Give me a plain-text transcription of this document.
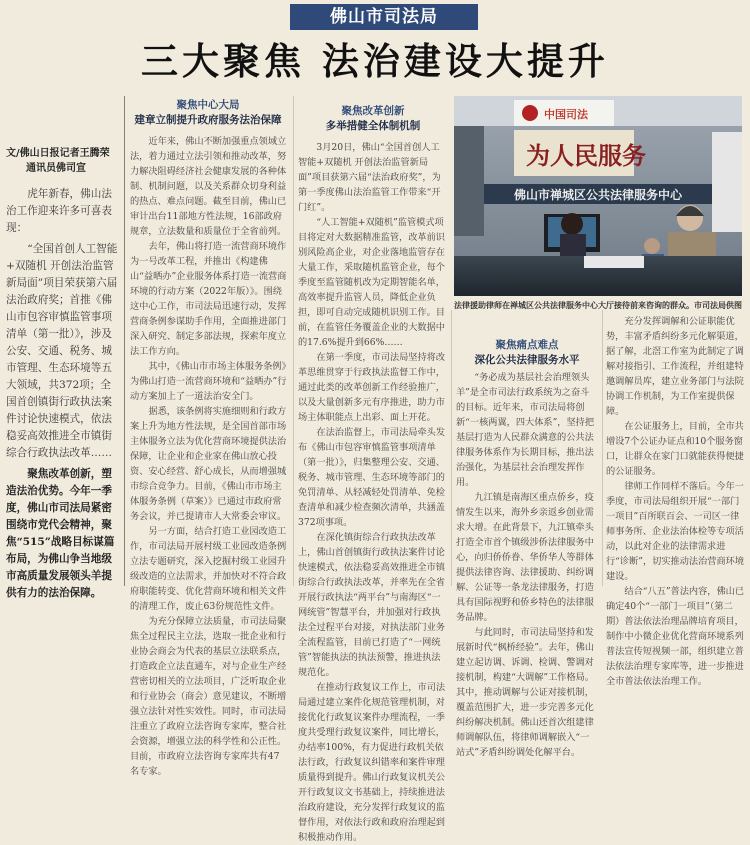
佛山市司法局
三大聚焦 法治建设大提升
文/佛山日报记者王腾荣
通讯员佛司宣

虎年新春，佛山法治工作迎来许多可喜表现：

“全国首创人工智能+双随机 开创法治监管新局面”项目荣获第六届法治政府奖；首推《佛山市包容审慎监管事项清单（第一批）》，涉及公安、交通、税务、城市管理、生态环境等五大领域，共372项；全国首创镇街行政执法案件讨论快速模式，依法稳妥高效推进全市镇街综合行政执法改革……

聚焦改革创新，塑造法治优势。今年一季度，佛山市司法局紧密围绕市党代会精神，聚焦“515”战略目标谋篇布局，为佛山争当地级市高质量发展领头羊提供有力的法治保障。

聚焦中心大局
建章立制提升政府服务法治保障

近年来，佛山不断加强重点领域立法，着力通过立法引领和推动改革，努力解决阻碍经济社会健康发展的各种体制、机制问题，以及关系群众切身利益的热点、难点问题。截至目前，佛山已审计出台11部地方性法规，16部政府规章，立法数量和质量位于全省前列。

去年，佛山将打造一流营商环境作为一号改革工程，并推出《构建佛山“益晒办”企业服务体系打造一流营商环境的行动方案（2022年版）》。围绕这中心工作，市司法局迅速行动，发挥营商条例参谋助手作用，全面推进部门深入研究、制定多部法规，探索年度立法工作方向。

其中，《佛山市市场主体服务条例》为佛山打造一流营商环境和“益晒办”行动方案加上了一道法治安全门。

据悉，该条例将实施细则和行政方案上升为地方性法规，是全国首部市场主体服务立法为优化营商环境提供法治保障，让企业和企业家在佛山放心投资、安心经营、舒心成长，从而增强城市综合竞争力。目前，《佛山市市场主体服务条例（草案）》已通过市政府常务会议，并已提请市人大常委会审议。

另一方面，结合打造工业园改造工作，市司法局开展村级工业园改造条例立法专题研究，深入挖掘村级工业园升级改造的立法需求，并加快对不符合政府职能转变、优化营商环境和相关文件的清理工作，废止63份规范性文件。

为充分保障立法质量，市司法局聚焦全过程民主立法，选取一批企业和行业协会商会为代表的基层立法联系点，打造政企立法直通车，对与企业生产经营密切相关的立法项目，广泛听取企业和行业协会（商会）意见建议，不断增强立法针对性实效性。同时，市司法局注重立了政府立法咨询专家库，整合社会资源，增强立法的科学性和公正性。目前，市政府立法咨询专家库共有47名专家。

聚焦改革创新
多举措健全体制机制

3月20日，佛山“全国首创人工智能+双随机 开创法治监管新局面”项目获第六届“法治政府奖”，为第一季度佛山法治监管工作带来“开门红”。

“人工智能+双随机”监管模式项目将定对大数据精准监管，改革前识别风险高企业，对企业落地监管存在大量工作，采取随机监管企业，每个季度至监管随机改为定期智能名单，高效率提升监管人员，降低企业负担，即可自动完成随机识别工作。目前，在监管任务覆盖企业的大数据中的17.6%提升到66%……

在第一季度，市司法局坚持将改革思维贯穿于行政执法监督工作中，通过此类的改革创新工作经验推广，以及大量创新多元有序推进，助力市场主体职能点上出彩、面上开花。

在法治监督上，市司法局牵头发布《佛山市包容审慎监管事项清单（第一批）》，归集整理公安、交通、税务、城市管理、生态环境等部门的免罚清单、从轻减轻处罚清单、免检查清单和减少检查频次清单，共涵盖372项事项。

在深化镇街综合行政执法改革上，佛山首创镇街行政执法案件讨论快速模式，依法稳妥高效推进全市镇街综合行政执法改革，并率先在全省开展行政执法“两平台”与南海区“一网统管”智慧平台，并加强对行政执法全过程平台对接，对执法部门业务全流程监管，目前已打造了“一网统管”智能执法的执法预警，推进执法规范化。

在推动行政复议工作上，市司法局通过建立案件化规范管理机制，对接优化行政复议案件办理流程，一季度共受理行政复议案件，同比增长，办结率100%，有力促进行政机关依法行政，行政复议纠错率和案件审理质量得到提升。佛山行政复议机关公开行政复议文书基础上，持续推进法治政府建设，充分发挥行政复议的监督作用，对依法行政和政府治理起到积极推动作用。

中国司法
为人民服务
佛山市禅城区公共法律服务中心
法律援助律师在禅城区公共法律服务中心大厅接待前来咨询的群众。市司法局供图
聚焦痛点难点
深化公共法律服务水平

“务必成为基层社会治理领头羊”是全市司法行政系统为之奋斗的目标。近年来，市司法局将创新“一核两翼，四大体系”，坚持把基层打造为人民群众满意的公共法律服务体系作为长期目标，推出法治强化，为基层社会治理发挥作用。

九江镇是南海区重点侨乡，疫情发生以来，海外乡亲返乡创业需求大增。在此背景下，九江镇牵头打造全市首个镇级涉侨法律服务中心，向归侨侨眷、华侨华人等群体提供法律咨询、法律援助、纠纷调解、公证等一条龙法律服务，打造具有国际视野和侨乡特色的法律服务品牌。

与此同时，市司法局坚持和发展新时代“枫桥经验”。去年，佛山建立起访调、诉调、检调、警调对接机制，构建“大调解”工作格局。其中，推动调解与公证对接机制，覆盖范围扩大，进一步完善多元化纠纷解决机制。佛山还首次组建律师调解队伍，将律师调解嵌入“一站式”矛盾纠纷调处化解平台。

充分发挥调解和公证职能优势，丰富矛盾纠纷多元化解渠道，据了解，北滘工作室为此制定了调解对接指引、工作流程，并组建特邀调解员库，建立业务部门与法院协调工作机制，为工作室提供保障。

在公证服务上，目前，全市共增设7个公证办证点和10个服务窗口，让群众在家门口就能获得便捷的公证服务。

律师工作同样不落后。今年一季度，市司法局组织开展“一部门一项目”百所联百会、一司区一律师事务所、企业法治体检等专项活动，以此对企业的法律需求进行“诊断”，切实推动法治营商环境建设。

结合“八五”普法内容，佛山已确定40个“一部门一项目”（第二期）普法依法治理品牌培育项目，制作中小微企业优化营商环境系列普法宣传短视频一部，组织建立普法依法治理专家库等，进一步推进全市普法依法治理工作。
